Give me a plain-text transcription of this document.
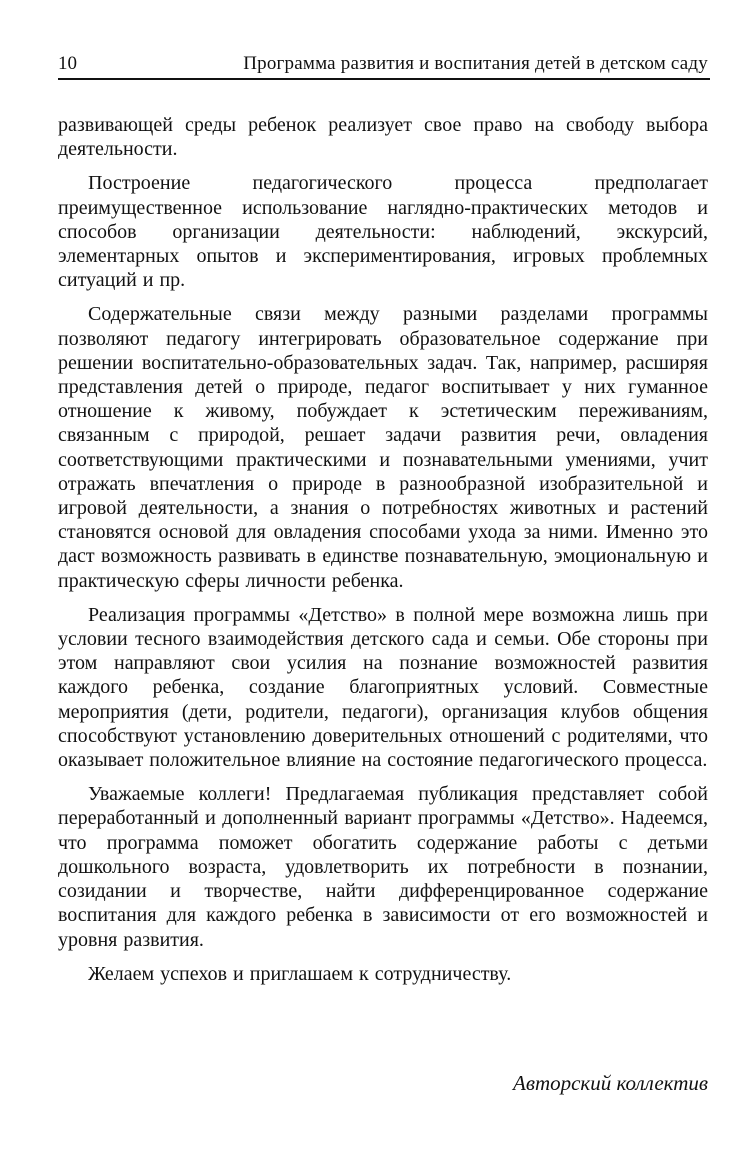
10	Программа развития и воспитания детей в детском саду

развивающей среды ребенок реализует свое право на свободу выбора деятельности.

Построение педагогического процесса предполагает преимущественное использование наглядно-практических методов и способов организации деятельности: наблюдений, экскурсий, элементарных опытов и экспериментирования, игровых проблемных ситуаций и пр.

Содержательные связи между разными разделами программы позволяют педагогу интегрировать образовательное содержание при решении воспитательно-образовательных задач. Так, например, расширяя представления детей о природе, педагог воспитывает у них гуманное отношение к живому, побуждает к эстетическим переживаниям, связанным с природой, решает задачи развития речи, овладения соответствующими практическими и познавательными умениями, учит отражать впечатления о природе в разнообразной изобразительной и игровой деятельности, а знания о потребностях животных и растений становятся основой для овладения способами ухода за ними. Именно это даст возможность развивать в единстве познавательную, эмоциональную и практическую сферы личности ребенка.

Реализация программы «Детство» в полной мере возможна лишь при условии тесного взаимодействия детского сада и семьи. Обе стороны при этом направляют свои усилия на познание возможностей развития каждого ребенка, создание благоприятных условий. Совместные мероприятия (дети, родители, педагоги), организация клубов общения способствуют установлению доверительных отношений с родителями, что оказывает положительное влияние на состояние педагогического процесса.

Уважаемые коллеги! Предлагаемая публикация представляет собой переработанный и дополненный вариант программы «Детство». Надеемся, что программа поможет обогатить содержание работы с детьми дошкольного возраста, удовлетворить их потребности в познании, созидании и творчестве, найти дифференцированное содержание воспитания для каждого ребенка в зависимости от его возможностей и уровня развития.

Желаем успехов и приглашаем к сотрудничеству.

Авторский коллектив
